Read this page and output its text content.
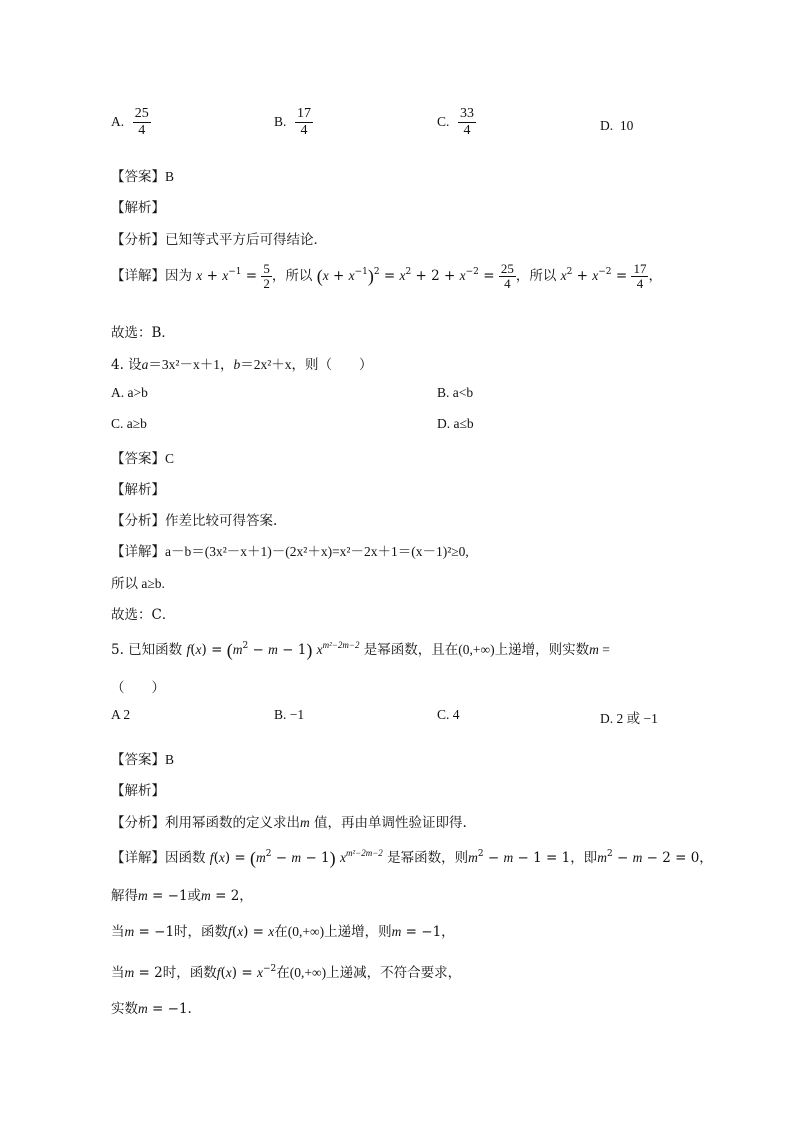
A. $\frac{25}{4}$	B. $\frac{17}{4}$	C. $\frac{33}{4}$	D. 10
【答案】B
【解析】
【分析】已知等式平方后可得结论．
【详解】因为 $x + x^{-1} = \frac{5}{2}$ ，所以 $(x + x^{-1})^2 = x^2 + 2 + x^{-2} = \frac{25}{4}$ ，所以 $x^2 + x^{-2} = \frac{17}{4}$ ，
故选：B．
4. 设a＝3x²－x＋1，b＝2x²＋x，则（　　）
A. a>b	B. a<b
C. a≥b	D. a≤b
【答案】C
【解析】
【分析】作差比较可得答案.
【详解】a－b＝(3x²－x＋1)－(2x²＋x)=x²－2x＋1＝(x－1)²≥0,
所以 a≥b.
故选：C．
5. 已知函数 $f(x) = (m^2 - m - 1)$ $x^{m^2-2m-2}$ 是幂函数，且在(0,+∞)上递增，则实数m =
（　　）
A 2	B. −1	C. 4	D. 2 或 −1
【答案】B
【解析】
【分析】利用幂函数的定义求出m 值，再由单调性验证即得.
【详解】因函数 $f(x) = (m^2 - m - 1)$ $x^{m^2-2m-2}$ 是幂函数，则$m^2 - m - 1 = 1$，即$m^2 - m - 2 = 0$，
解得m = −1或m = 2，
当m = −1时，函数f(x) = x在(0,+∞)上递增，则m = −1，
当m = 2时，函数$f(x) = x^{-2}$在(0,+∞)上递减，不符合要求，
实数m = −1.
